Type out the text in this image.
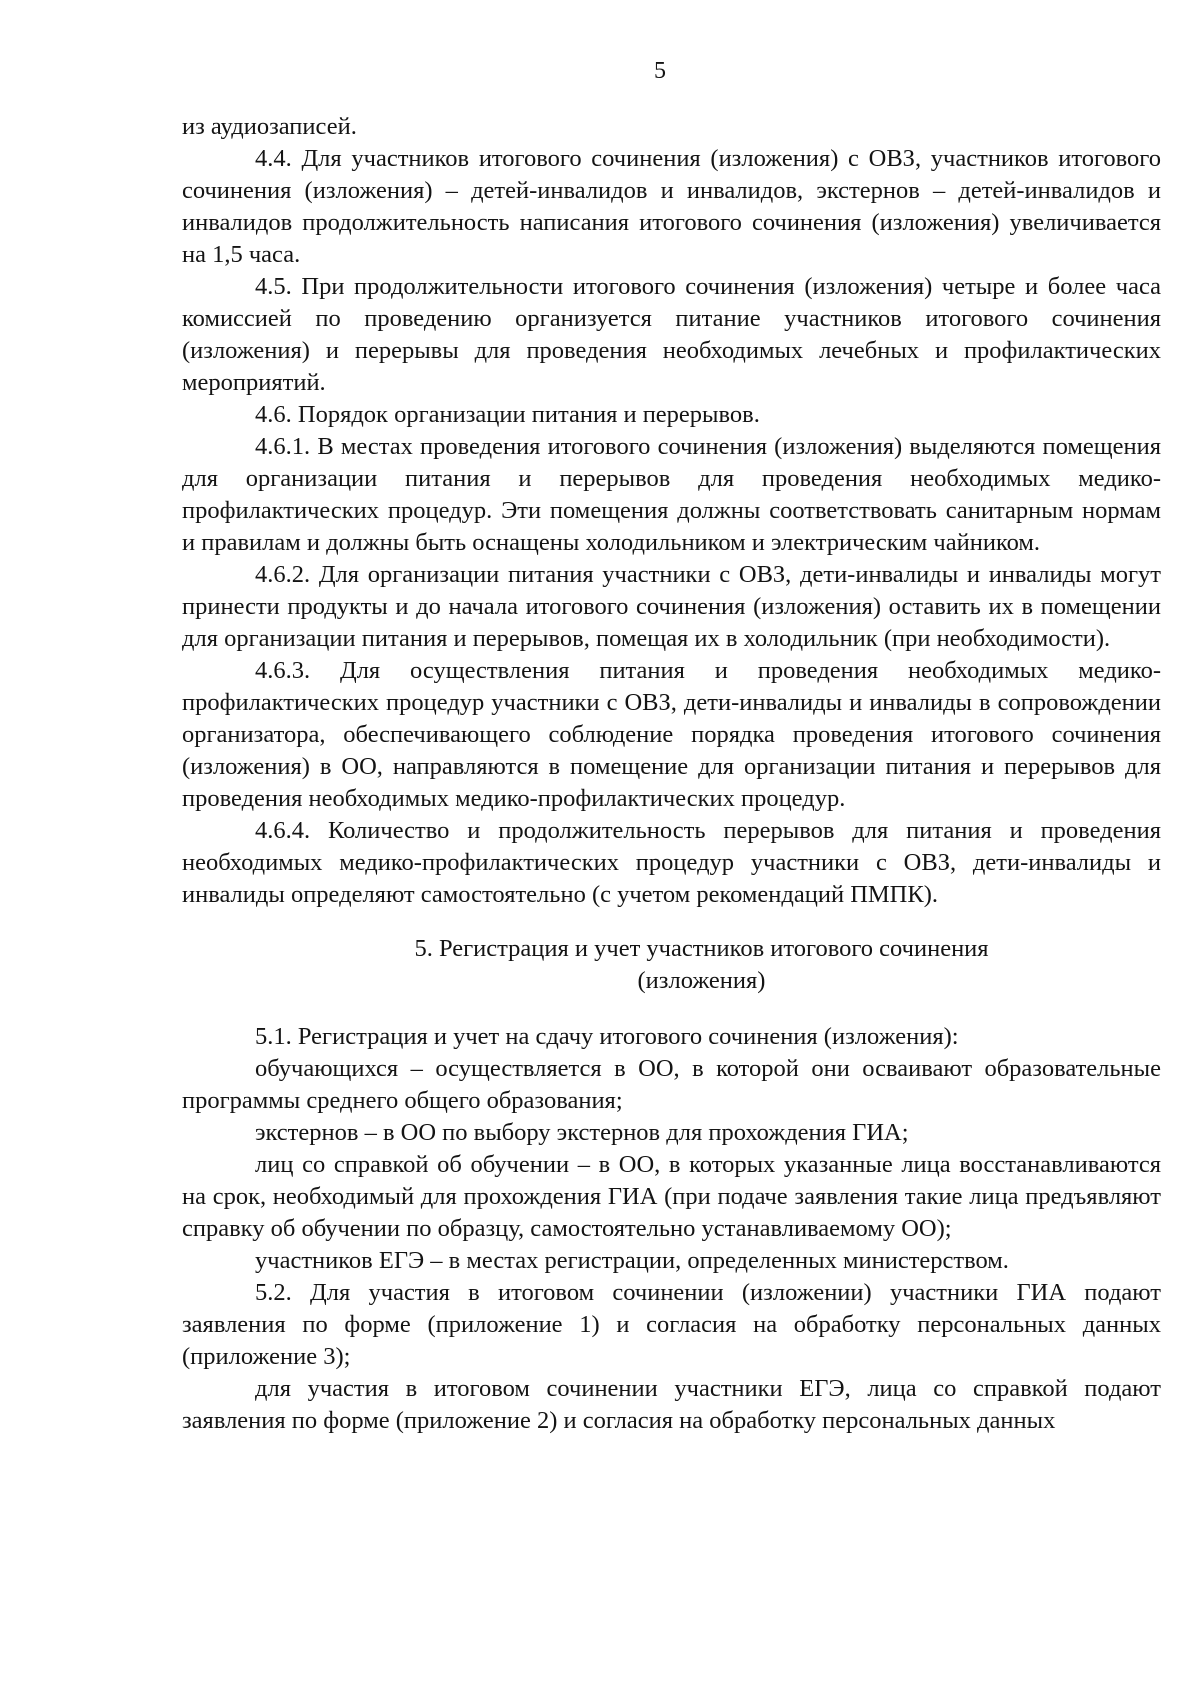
5

из аудиозаписей.

4.4. Для участников итогового сочинения (изложения) с ОВЗ, участников итогового сочинения (изложения) – детей-инвалидов и инвалидов, экстернов – детей-инвалидов и инвалидов продолжительность написания итогового сочинения (изложения) увеличивается на 1,5 часа.

4.5. При продолжительности итогового сочинения (изложения) четыре и более часа комиссией по проведению организуется питание участников итогового сочинения (изложения) и перерывы для проведения необходимых лечебных и профилактических мероприятий.

4.6. Порядок организации питания и перерывов.

4.6.1. В местах проведения итогового сочинения (изложения) выделяются помещения для организации питания и перерывов для проведения необходимых медико-профилактических процедур. Эти помещения должны соответствовать санитарным нормам и правилам и должны быть оснащены холодильником и электрическим чайником.

4.6.2. Для организации питания участники с ОВЗ, дети-инвалиды и инвалиды могут принести продукты и до начала итогового сочинения (изложения) оставить их в помещении для организации питания и перерывов, помещая их в холодильник (при необходимости).

4.6.3. Для осуществления питания и проведения необходимых медико-профилактических процедур участники с ОВЗ, дети-инвалиды и инвалиды в сопровождении организатора, обеспечивающего соблюдение порядка проведения итогового сочинения (изложения) в ОО, направляются в помещение для организации питания и перерывов для проведения необходимых медико-профилактических процедур.

4.6.4. Количество и продолжительность перерывов для питания и проведения необходимых медико-профилактических процедур участники с ОВЗ, дети-инвалиды и инвалиды определяют самостоятельно (с учетом рекомендаций ПМПК).

5. Регистрация и учет участников итогового сочинения
(изложения)

5.1. Регистрация и учет на сдачу итогового сочинения (изложения):

обучающихся – осуществляется в ОО, в которой они осваивают образовательные программы среднего общего образования;

экстернов – в ОО по выбору экстернов для прохождения ГИА;

лиц со справкой об обучении – в ОО, в которых указанные лица восстанавливаются на срок, необходимый для прохождения ГИА (при подаче заявления такие лица предъявляют справку об обучении по образцу, самостоятельно устанавливаемому ОО);

участников ЕГЭ – в местах регистрации, определенных министерством.

5.2. Для участия в итоговом сочинении (изложении) участники ГИА подают заявления по форме (приложение 1) и согласия на обработку персональных данных (приложение 3);

для участия в итоговом сочинении участники ЕГЭ, лица со справкой подают заявления по форме (приложение 2) и согласия на обработку персональных данных
